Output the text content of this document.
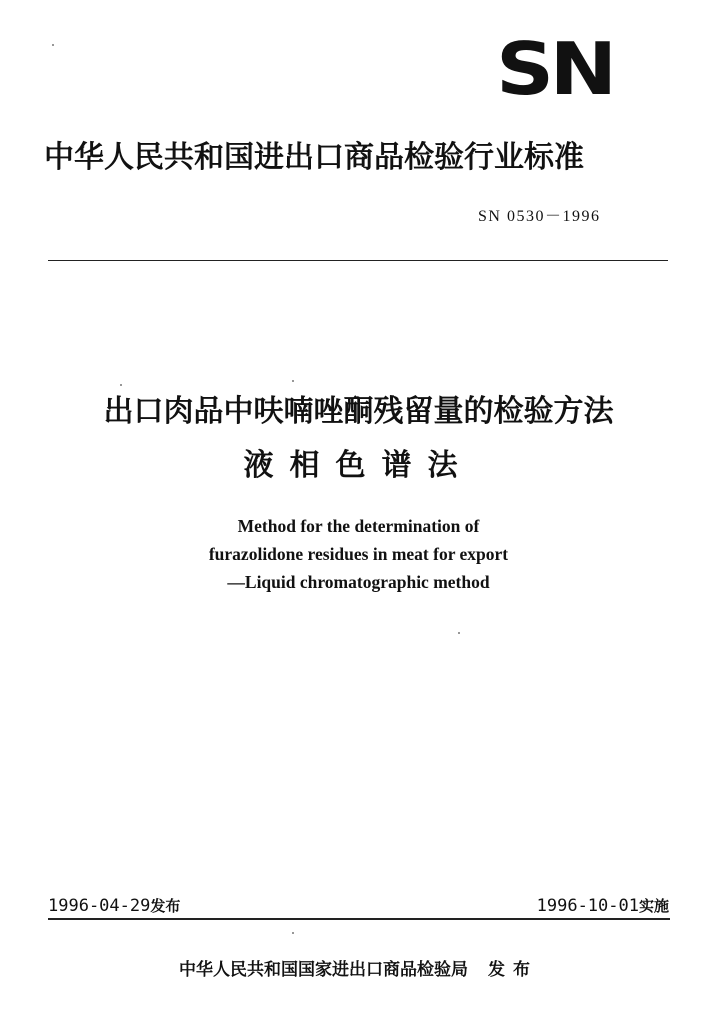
SN
中华人民共和国进出口商品检验行业标准
SN 0530－1996
出口肉品中呋喃唑酮残留量的检验方法
液相色谱法
Method for the determination of
furazolidone residues in meat for export
—Liquid chromatographic method
1996-04-29发布	1996-10-01实施
中华人民共和国国家进出口商品检验局 发布
